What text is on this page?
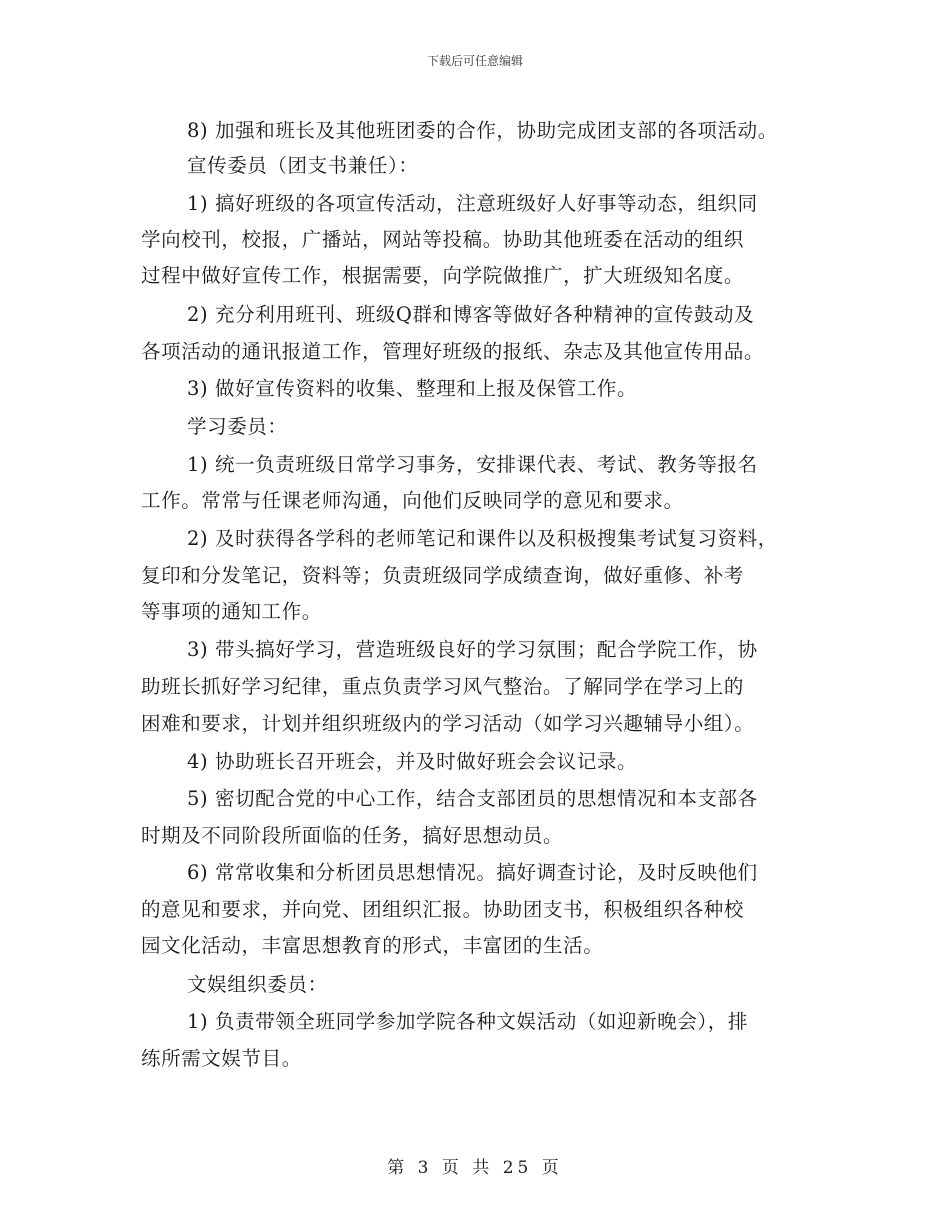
下载后可任意编辑
8) 加强和班长及其他班团委的合作，协助完成团支部的各项活动。
宣传委员（团支书兼任）：
1) 搞好班级的各项宣传活动，注意班级好人好事等动态，组织同
学向校刊，校报，广播站，网站等投稿。协助其他班委在活动的组织
过程中做好宣传工作，根据需要，向学院做推广，扩大班级知名度。
2) 充分利用班刊、班级Q群和博客等做好各种精神的宣传鼓动及
各项活动的通讯报道工作，管理好班级的报纸、杂志及其他宣传用品。
3) 做好宣传资料的收集、整理和上报及保管工作。
学习委员：
1) 统一负责班级日常学习事务，安排课代表、考试、教务等报名
工作。常常与任课老师沟通，向他们反映同学的意见和要求。
2) 及时获得各学科的老师笔记和课件以及积极搜集考试复习资料，
复印和分发笔记，资料等；负责班级同学成绩查询，做好重修、补考
等事项的通知工作。
3) 带头搞好学习，营造班级良好的学习氛围；配合学院工作，协
助班长抓好学习纪律，重点负责学习风气整治。了解同学在学习上的
困难和要求，计划并组织班级内的学习活动（如学习兴趣辅导小组）。
4) 协助班长召开班会，并及时做好班会会议记录。
5) 密切配合党的中心工作，结合支部团员的思想情况和本支部各
时期及不同阶段所面临的任务，搞好思想动员。
6) 常常收集和分析团员思想情况。搞好调查讨论，及时反映他们
的意见和要求，并向党、团组织汇报。协助团支书，积极组织各种校
园文化活动，丰富思想教育的形式，丰富团的生活。
文娱组织委员：
1) 负责带领全班同学参加学院各种文娱活动（如迎新晚会），排
练所需文娱节目。
第 3 页 共 25 页
